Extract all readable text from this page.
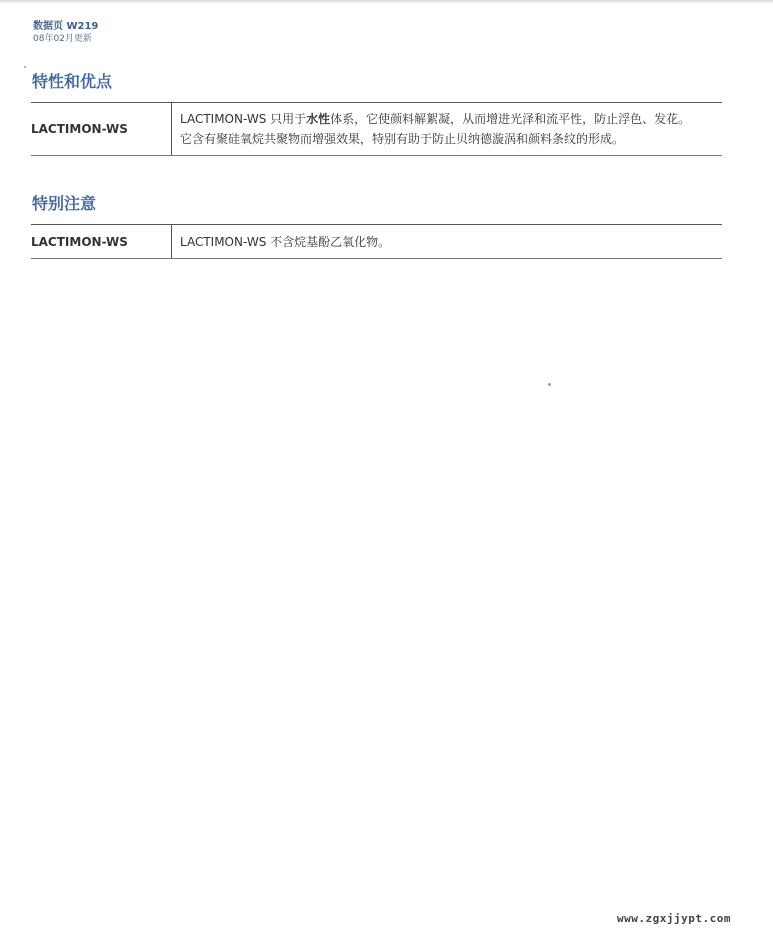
数据页 W219
08年02月更新
特性和优点
LACTIMON-WS
LACTIMON-WS 只用于水性体系，它使颜料解絮凝，从而增进光泽和流平性，防止浮色、发花。
它含有聚硅氧烷共聚物而增强效果，特别有助于防止贝纳德漩涡和颜料条纹的形成。
特别注意
LACTIMON-WS	LACTIMON-WS 不含烷基酚乙氧化物。
www.zgxjjypt.com
